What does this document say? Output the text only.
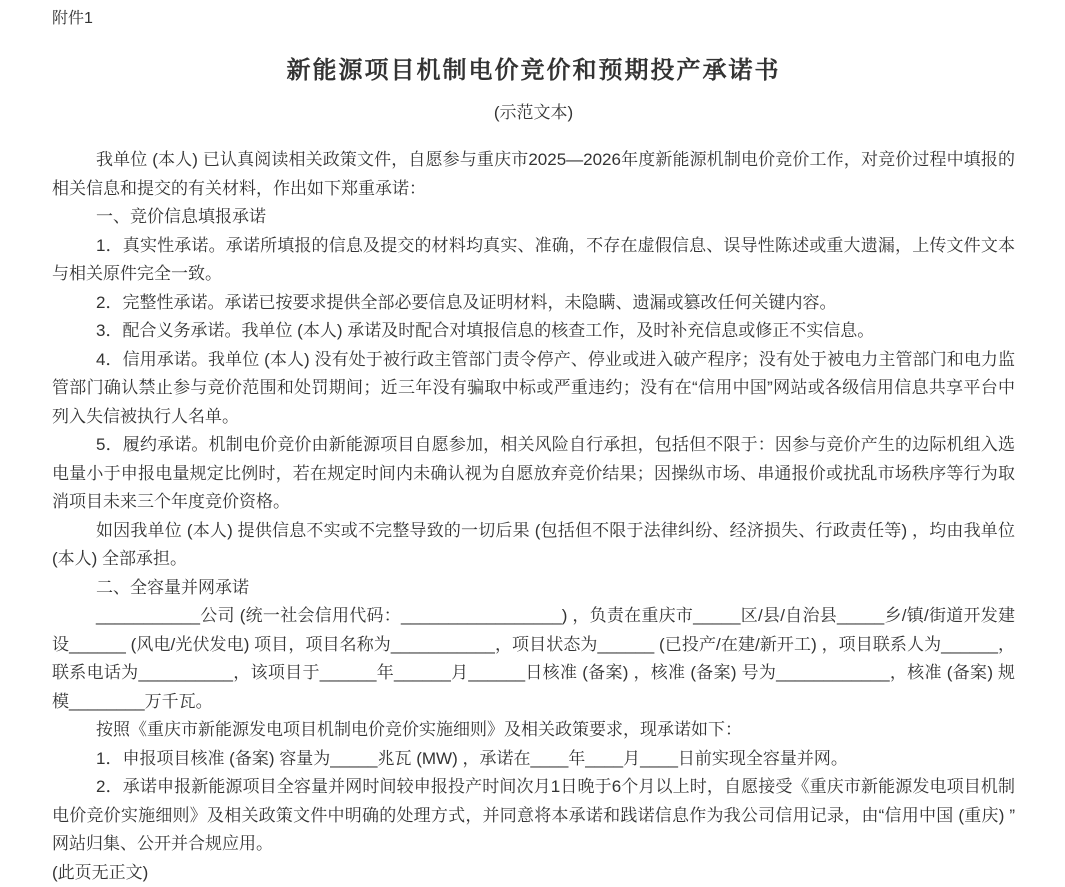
附件1
新能源项目机制电价竞价和预期投产承诺书
(示范文本)

我单位 (本人) 已认真阅读相关政策文件，自愿参与重庆市2025—2026年度新能源机制电价竞价工作，对竞价过程中填报的相关信息和提交的有关材料，作出如下郑重承诺：

一、竞价信息填报承诺

1．真实性承诺。承诺所填报的信息及提交的材料均真实、准确，不存在虚假信息、误导性陈述或重大遗漏，上传文件文本与相关原件完全一致。

2．完整性承诺。承诺已按要求提供全部必要信息及证明材料，未隐瞒、遗漏或篡改任何关键内容。

3．配合义务承诺。我单位 (本人) 承诺及时配合对填报信息的核查工作，及时补充信息或修正不实信息。

4．信用承诺。我单位 (本人) 没有处于被行政主管部门责令停产、停业或进入破产程序；没有处于被电力主管部门和电力监管部门确认禁止参与竞价范围和处罚期间；近三年没有骗取中标或严重违约；没有在“信用中国”网站或各级信用信息共享平台中列入失信被执行人名单。

5．履约承诺。机制电价竞价由新能源项目自愿参加，相关风险自行承担，包括但不限于：因参与竞价产生的边际机组入选电量小于申报电量规定比例时，若在规定时间内未确认视为自愿放弃竞价结果；因操纵市场、串通报价或扰乱市场秩序等行为取消项目未来三个年度竞价资格。

如因我单位 (本人) 提供信息不实或不完整导致的一切后果 (包括但不限于法律纠纷、经济损失、行政责任等) ，均由我单位 (本人) 全部承担。

二、全容量并网承诺

___________公司 (统一社会信用代码：_________________) ，负责在重庆市_____区/县/自治县_____乡/镇/街道开发建设______ (风电/光伏发电) 项目，项目名称为___________，项目状态为______ (已投产/在建/新开工) ，项目联系人为______，联系电话为__________，该项目于______年______月______日核准 (备案) ，核准 (备案) 号为____________，核准 (备案) 规模________万千瓦。

按照《重庆市新能源发电项目机制电价竞价实施细则》及相关政策要求，现承诺如下：

1．申报项目核准 (备案) 容量为_____兆瓦 (MW) ，承诺在____年____月____日前实现全容量并网。

2．承诺申报新能源项目全容量并网时间较申报投产时间次月1日晚于6个月以上时，自愿接受《重庆市新能源发电项目机制电价竞价实施细则》及相关政策文件中明确的处理方式，并同意将本承诺和践诺信息作为我公司信用记录，由“信用中国 (重庆) ”网站归集、公开并合规应用。

(此页无正文)
